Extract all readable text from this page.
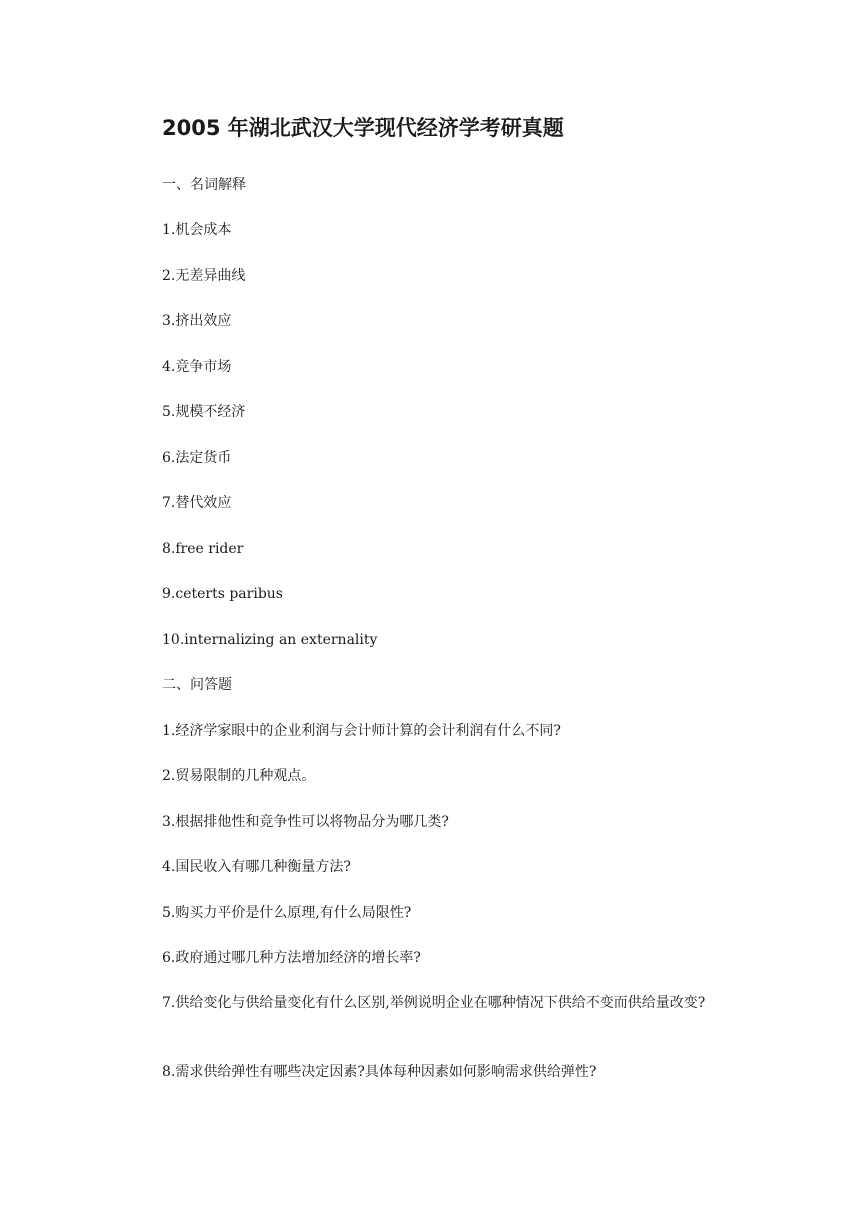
2005 年湖北武汉大学现代经济学考研真题

一、名词解释

1.机会成本

2.无差异曲线

3.挤出效应

4.竞争市场

5.规模不经济

6.法定货币

7.替代效应

8.free rider

9.ceterts paribus

10.internalizing an externality

二、问答题

1.经济学家眼中的企业利润与会计师计算的会计利润有什么不同?

2.贸易限制的几种观点。

3.根据排他性和竞争性可以将物品分为哪几类?

4.国民收入有哪几种衡量方法?

5.购买力平价是什么原理,有什么局限性?

6.政府通过哪几种方法增加经济的增长率?

7.供给变化与供给量变化有什么区别,举例说明企业在哪种情况下供给不变而供给量改变?

8.需求供给弹性有哪些决定因素?具体每种因素如何影响需求供给弹性?
